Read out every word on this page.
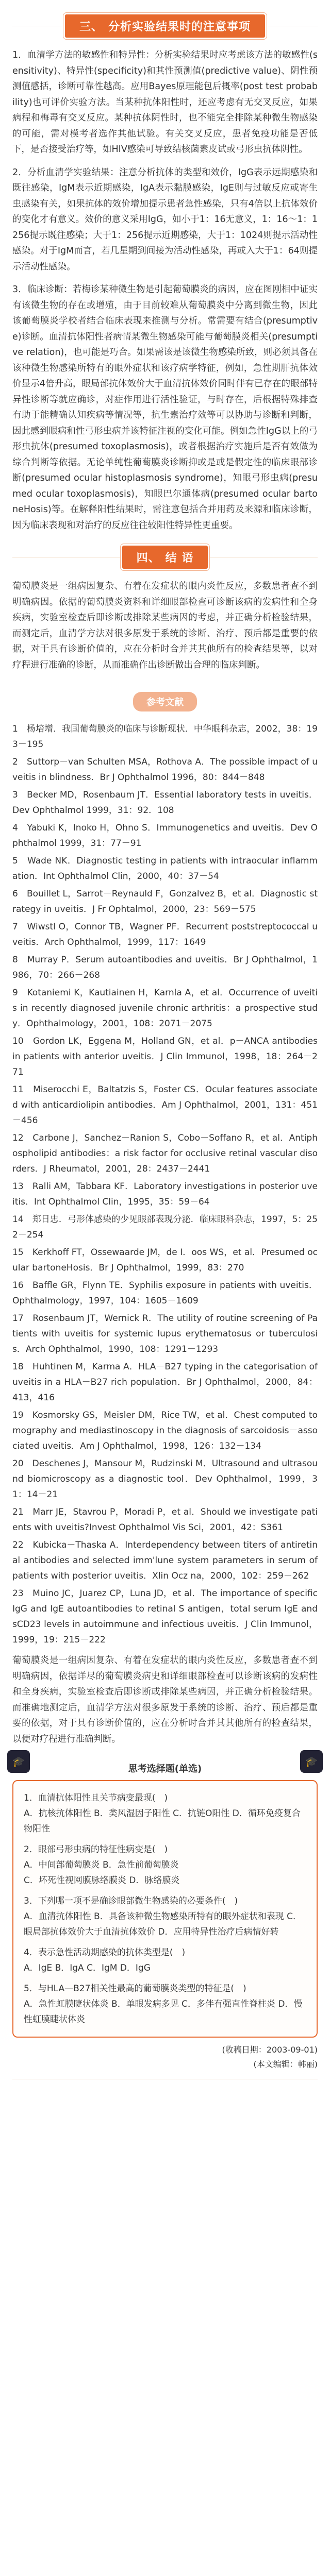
三、 分析实验结果时的注意事项

1．血清学方法的敏感性和特异性：分析实验结果时应考虑该方法的敏感性(sensitivity)、特异性(specificity)和其性预测值(predictive value)、阴性预测值感括，诊断可靠性越高。应用Bayes原理能包后概率(post test probability)也可评价实验方法。当某种抗体阳性时，还应考虑有无交叉反应，如果病程和梅毒有交叉反应。某种抗体阴性时，也不能完全排除某种微生物感染的可能，需对模考者选作其他试验。有关交叉反应，患者免疫功能是否低下，是否接受治疗等，如HIV感染可导致结核菌素皮试或弓形虫抗体阴性。

2．分析血清学实验结果：注意分析抗体的类型和效价，IgG表示远期感染和既往感染，IgM表示近期感染，IgA表示黏膜感染，IgE则与过敏反应或寄生虫感染有关，如果抗体的效价增加提示患者急性感染，只有4倍以上抗体效价的变化才有意义。效价的意义采用IgG，如小于1：16无意义，1：16～1：1 256提示既往感染；大于1：256提示近期感染，大于1：1024则提示活动性感染。对于IgM而言，若几星期到间接为活动性感染，再或入大于1：64则提示活动性感染。

3．临床诊断：若梅诊某种微生物是引起葡萄膜炎的病因，应在图刚相中证实有该微生物的存在或增殖，由于目前较难从葡萄膜炎中分离到微生物，因此该葡萄膜炎学校者结合临床表现来推测与分析。常需要有结合(presumptive)诊断。血清抗体阳性者病情某微生物感染可能与葡萄膜炎相关(presumptive relation)，也可能是巧合。如果需该是该微生物感染所致，则必须具备在该种微生物感染所特有的眼外症状和该疗病学特征，例如，急性期肝抗体效价显示4倍升高，眼局部抗体效价大于血清抗体效价同时伴有已存在的眼部特异性诊断等就应确诊，对症作用进行活性验证，与时存在，后根据特殊排查有助于能精确认知疾病等情况等，抗生素治疗效等可以协助与诊断和判断，因此感到眼病和性弓形虫病并该特征注视的变化可能。例如急性IgG以上的弓形虫抗体(presumed toxoplasmosis)，或者根据治疗实施后是否有效做为综合判断等依据。无论单纯性葡萄膜炎诊断抑或是或是假定性的临床眼部诊断(presumed ocular histoplasmosis syndrome)，知眼弓形虫病(presumed ocular toxoplasmosis)，知眼巴尔通体病(presumed ocular bartoneHosis)等。在解释阳性结果时，需注意包括合并用药及来源和临床诊断，因为临床表现和对治疗的反应往往较阳性特异性更重要。

四、 结 语

葡萄膜炎是一组病因复杂、有着在发症状的眼内炎性反应，多数患者查不到明确病因。依据的葡萄膜炎资料和详细眼部检查可诊断该病的发病性和全身疾病，实验室检查后即诊断或排除某些病因的考虑，并正确分析检验结果，而测定后，血清学方法对很多原发于系统的诊断、治疗、预后都是重要的依据，对于具有诊断价值的，应在分析时合并其其他所有的检查结果等，以对疗程进行准确的诊断，从而准确作出诊断做出合理的临床判断。

参考文献
1　杨培增．我国葡萄膜炎的临床与诊断现状．中华眼科杂志，2002，38：193－195
2　Suttorp－van Schulten MSA，Rothova A．The possible impact of uveitis in blindness．Br J Ophthalmol 1996，80：844－848
3　Becker MD，Rosenbaum JT．Essential laboratory tests in uveitis．Dev Ophthalmol 1999，31：92．108
4　Yabuki K，Inoko H，Ohno S．Immunogenetics and uveitis．Dev Ophthalmol 1999，31：77－91
5　Wade NK．Diagnostic testing in patients with intraocular inflammation．Int Ophthalmol Clin，2000，40：37－54
6　Bouillet L，Sarrot－Reynauld F，Gonzalvez B，et al．Diagnostic strategy in uveitis．J Fr Ophtalmol，2000，23：569－575
7　Wiwstl O，Connor TB，Wagner PF．Recurrent poststreptococcal uveitis．Arch Ophthalmol，1999，117：1649
8　Murray P．Serum autoantibodies and uveitis．Br J Ophthalmol，1986，70：266－268
9　Kotaniemi K，Kautiainen H，Karnla A，et al．Occurrence of uveitis in recently diagnosed juvenile chronic arthritis：a prospective study．Ophthalmology，2001，108：2071－2075
10　Gordon LK，Eggena M，Holland GN，et al．p－ANCA antibodies in patients with anterior uveitis．J Clin Immunol，1998，18：264－271
11　Miserocchi E，Baltatzis S，Foster CS．Ocular features associated with anticardiolipin antibodies．Am J Ophthalmol，2001，131：451－456
12　Carbone J，Sanchez－Ranion S，Cobo－Soffano R，et al．Antiphospholipid antibodies：a risk factor for occlusive retinal vascular disorders．J Rheumatol，2001，28：2437－2441
13　Ralli AM，Tabbara KF．Laboratory investigations in posterior uveitis．Int Ophthalmol Clin，1995，35：59－64
14　郑日忠．弓形体感染的少见眼部表现分泌．临床眼科杂志，1997，5：252－254
15　Kerkhoff FT，Ossewaarde JM，de I．oos WS，et al．Presumed ocular bartoneHosis．Br J Ophthalmol，1999，83：270
16　Baffle GR，Flynn TE．Syphilis exposure in patients with uveitis．Ophthalmology，1997，104：1605－1609
17　Rosenbaum JT，Wernick R．The utility of routine screening of Patients with uveitis for systemic lupus erythematosus or tuberculosis．Arch Ophthalmol，1990，108：1291－1293
18　Huhtinen M，Karma A．HLA－B27 typing in the categorisation of uveitis in a HLA－B27 rich population．Br J Ophthalmol，2000，84：413，416
19　Kosmorsky GS，Meisler DM，Rice TW，et al．Chest computed tomography and mediastinoscopy in the diagnosis of sarcoidosis－associated uveitis．Am J Ophthalmol，1998，126：132－134
20　Deschenes J，Mansour M，Rudzinski M．Ultrasound and ultrasound biomicroscopy as a diagnostic tool．Dev Ophthalmol，1999，31：14－21
21　Marr JE，Stavrou P，Moradi P，et al．Should we investigate patients with uveitis?Invest Ophthalmol Vis Sci，2001，42：S361
22　Kubicka－Thaska A．Interdependency between titers of antiretinal antibodies and selected imm'lune system parameters in serum of patients with posterior uveitis．Xlin Ocz na，2000，102：259－262
23　Muino JC，Juarez CP，Luna JD，et al．The importance of specific IgG and IgE autoantibodies to retinal S antigen，total serum IgE and sCD23 levels in autoimmune and infectious uveitis．J Clin Immunol，1999，19：215－222

葡萄膜炎是一组病因复杂、有着在发症状的眼内炎性反应，多数患者查不到明确病因，依据详尽的葡萄膜炎病史和详细眼部检查可以诊断该病的发病性和全身疾病，实验室检查后即诊断或排除某些病因，并正确分析检验结果。而准确地测定后，血清学方法对很多原发于系统的诊断、治疗、预后都是重要的依据，对于具有诊断价值的，应在分析时合并其其他所有的检查结果，以便对疗程进行准确判断。

🎓	🎓
思考选择题(单选)
1．血清抗体阳性且关节病变最现(　)
A．抗核抗体阳性 B．类风湿因子阳性 C．抗链O阳性 D．循环免疫复合物阳性
2．眼部弓形虫病的特征性病变是(　)
A．中间部葡萄膜炎 B．急性前葡萄膜炎
C．坏死性视网膜脉络膜炎 D．脉络膜炎
3．下列哪一项不是确诊眼部微生物感染的必要条件(　)
A．血清抗体阳性 B．具备该种微生物感染所特有的眼外症状和表现 C．眼局部抗体效价大于血清抗体效价 D．应用特异性治疗后病情好转
4．表示急性活动期感染的抗体类型是(　)
A．IgE B．IgA C．IgM D．IgG
5．与HLA—B27相关性最高的葡萄膜炎类型的特征是(　)
A．急性虹膜睫状体炎 B．单眼发病多见 C．多伴有强直性脊柱炎 D．慢性虹膜睫状体炎
(收稿日期：2003-09-01)
(本文编辑：韩丽)
